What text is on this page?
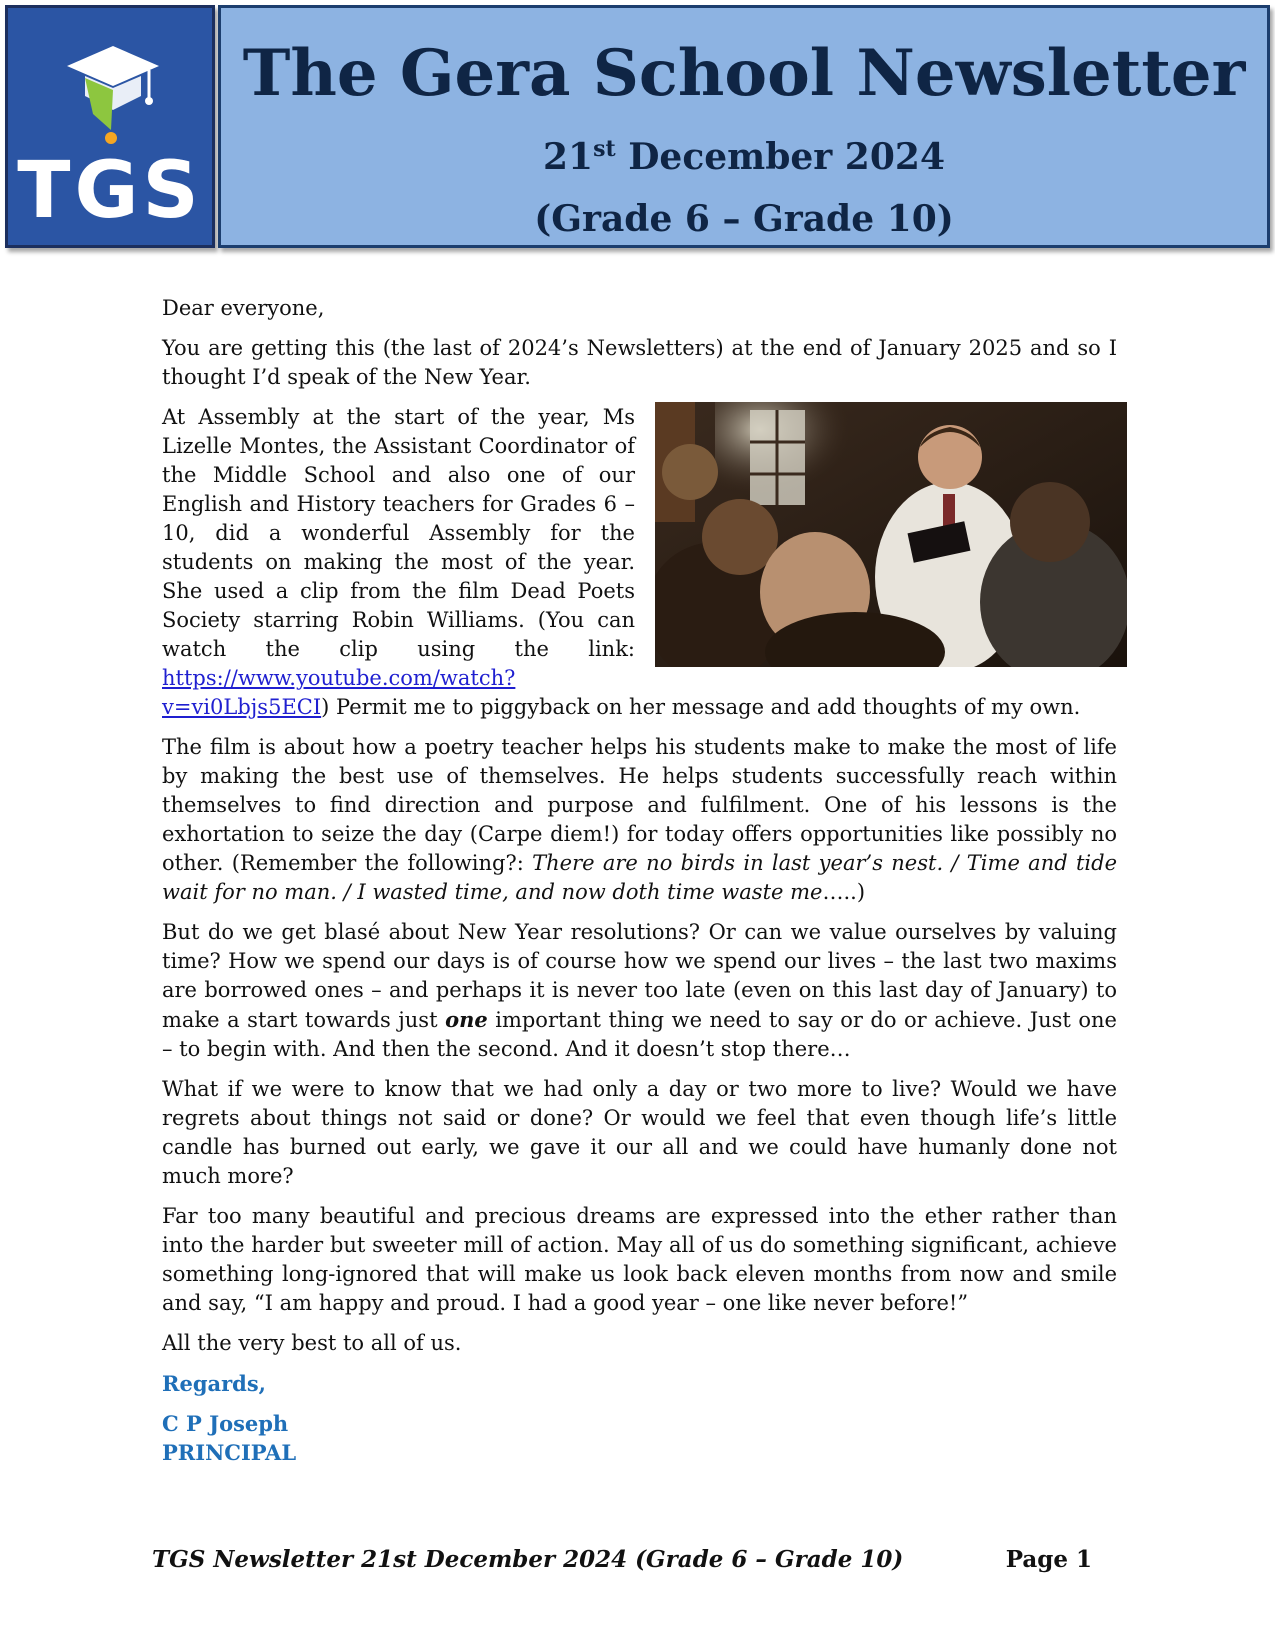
TGS
The Gera School Newsletter
21st December 2024
(Grade 6 – Grade 10)

Dear everyone,

You are getting this (the last of 2024’s Newsletters) at the end of January 2025 and so I thought I’d speak of the New Year.

At Assembly at the start of the year, Ms Lizelle Montes, the Assistant Coordinator of the Middle School and also one of our English and History teachers for Grades 6 – 10, did a wonderful Assembly for the students on making the most of the year. She used a clip from the film Dead Poets Society starring Robin Williams. (You can watch the clip using the link: https://www.youtube.com/watch?v=vi0Lbjs5ECI) Permit me to piggyback on her message and add thoughts of my own.

The film is about how a poetry teacher helps his students make to make the most of life by making the best use of themselves. He helps students successfully reach within themselves to find direction and purpose and fulfilment. One of his lessons is the exhortation to seize the day (Carpe diem!) for today offers opportunities like possibly no other. (Remember the following?: There are no birds in last year’s nest. / Time and tide wait for no man. / I wasted time, and now doth time waste me…..)

But do we get blasé about New Year resolutions? Or can we value ourselves by valuing time? How we spend our days is of course how we spend our lives – the last two maxims are borrowed ones – and perhaps it is never too late (even on this last day of January) to make a start towards just one important thing we need to say or do or achieve. Just one – to begin with. And then the second. And it doesn’t stop there…

What if we were to know that we had only a day or two more to live? Would we have regrets about things not said or done? Or would we feel that even though life’s little candle has burned out early, we gave it our all and we could have humanly done not much more?

Far too many beautiful and precious dreams are expressed into the ether rather than into the harder but sweeter mill of action. May all of us do something significant, achieve something long-ignored that will make us look back eleven months from now and smile and say, “I am happy and proud. I had a good year – one like never before!”

All the very best to all of us.

Regards,

C P Joseph

PRINCIPAL

TGS Newsletter 21st December 2024 (Grade 6 – Grade 10)	Page 1
